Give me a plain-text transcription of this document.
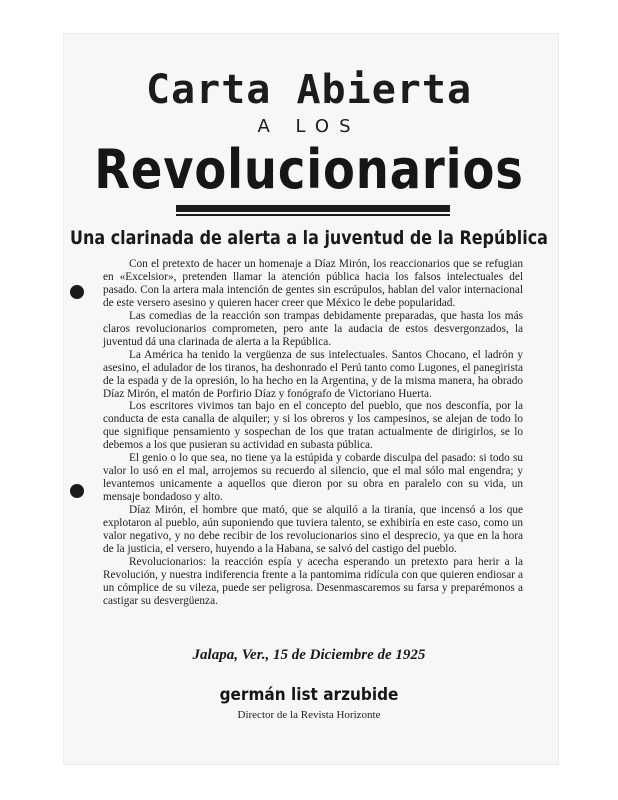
Carta Abierta
A LOS
Revolucionarios
Una clarinada de alerta a la juventud de la República

Con el pretexto de hacer un homenaje a Díaz Mirón, los reaccionarios que se refugian en «Excelsior», pretenden llamar la atención pública hacia los falsos intelectuales del pasado. Con la artera mala intención de gentes sin escrúpulos, hablan del valor internacional de este versero asesino y quieren hacer creer que México le debe popularidad.

Las comedias de la reacción son trampas debidamente preparadas, que hasta los más claros revolucionarios comprometen, pero ante la audacia de estos desvergonzados, la juventud dá una clarinada de alerta a la República.

La América ha tenido la vergüenza de sus intelectuales. Santos Chocano, el ladrón y asesino, el adulador de los tiranos, ha deshonrado el Perú tanto como Lugones, el panegirista de la espada y de la opresión, lo ha hecho en la Argentina, y de la misma manera, ha obrado Díaz Mirón, el matón de Porfirio Díaz y fonógrafo de Victoriano Huerta.

Los escritores vivimos tan bajo en el concepto del pueblo, que nos desconfía, por la conducta de esta canalla de alquiler; y si los obreros y los campesinos, se alejan de todo lo que signifique pensamiento y sospechan de los que tratan actualmente de dirigirlos, se lo debemos a los que pusieran su actividad en subasta pública.

El genio o lo que sea, no tiene ya la estúpida y cobarde disculpa del pasado: si todo su valor lo usó en el mal, arrojemos su recuerdo al silencio, que el mal sólo mal engendra; y levantemos unicamente a aquellos que dieron por su obra en paralelo con su vida, un mensaje bondadoso y alto.

Díaz Mirón, el hombre que mató, que se alquiló a la tiranía, que incensó a los que explotaron al pueblo, aún suponiendo que tuviera talento, se exhibiría en este caso, como un valor negativo, y no debe recibir de los revolucionarios sino el desprecio, ya que en la hora de la justicia, el versero, huyendo a la Habana, se salvó del castigo del pueblo.

Revolucionarios: la reacción espía y acecha esperando un pretexto para herir a la Revolución, y nuestra indiferencia frente a la pantomima ridícula con que quieren endiosar a un cómplice de su vileza, puede ser peligrosa. Desenmascaremos su farsa y preparémonos a castigar su desvergüenza.

Jalapa, Ver., 15 de Diciembre de 1925
germán list arzubide
Director de la Revista Horizonte
